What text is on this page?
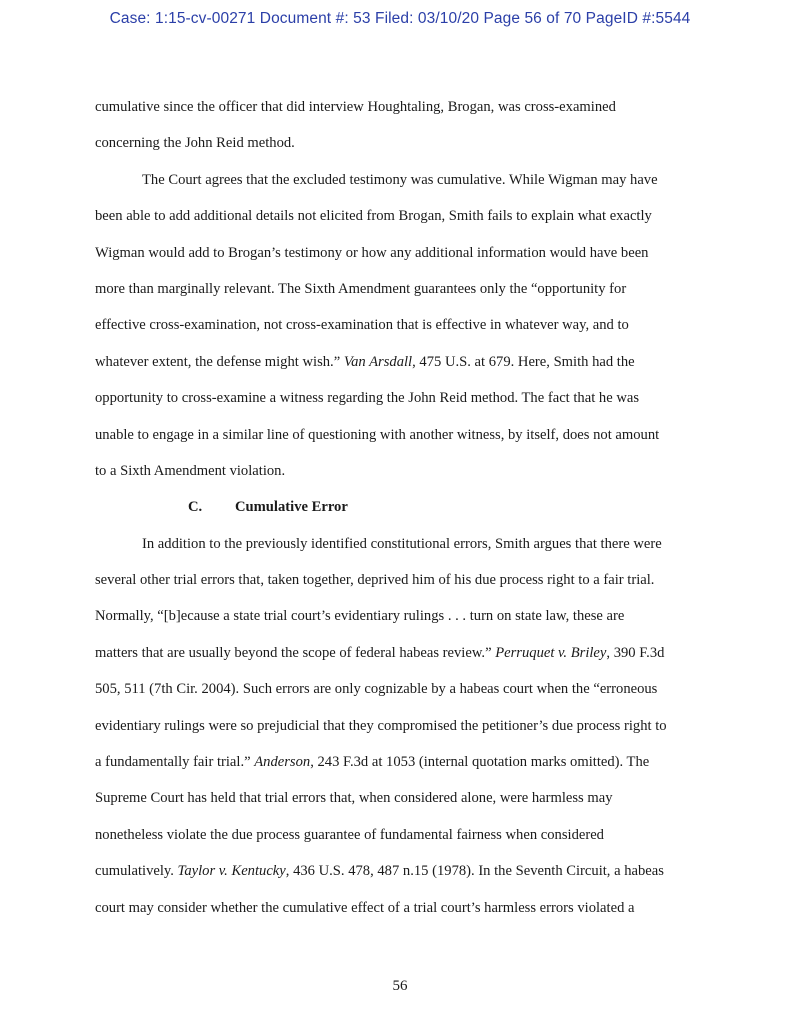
Case: 1:15-cv-00271 Document #: 53 Filed: 03/10/20 Page 56 of 70 PageID #:5544
cumulative since the officer that did interview Houghtaling, Brogan, was cross-examined
concerning the John Reid method.
The Court agrees that the excluded testimony was cumulative. While Wigman may have
been able to add additional details not elicited from Brogan, Smith fails to explain what exactly
Wigman would add to Brogan’s testimony or how any additional information would have been
more than marginally relevant. The Sixth Amendment guarantees only the “opportunity for
effective cross-examination, not cross-examination that is effective in whatever way, and to
whatever extent, the defense might wish.” Van Arsdall, 475 U.S. at 679. Here, Smith had the
opportunity to cross-examine a witness regarding the John Reid method. The fact that he was
unable to engage in a similar line of questioning with another witness, by itself, does not amount
to a Sixth Amendment violation.
C. Cumulative Error
In addition to the previously identified constitutional errors, Smith argues that there were
several other trial errors that, taken together, deprived him of his due process right to a fair trial.
Normally, “[b]ecause a state trial court’s evidentiary rulings . . . turn on state law, these are
matters that are usually beyond the scope of federal habeas review.” Perruquet v. Briley, 390 F.3d
505, 511 (7th Cir. 2004). Such errors are only cognizable by a habeas court when the “erroneous
evidentiary rulings were so prejudicial that they compromised the petitioner’s due process right to
a fundamentally fair trial.” Anderson, 243 F.3d at 1053 (internal quotation marks omitted). The
Supreme Court has held that trial errors that, when considered alone, were harmless may
nonetheless violate the due process guarantee of fundamental fairness when considered
cumulatively. Taylor v. Kentucky, 436 U.S. 478, 487 n.15 (1978). In the Seventh Circuit, a habeas
court may consider whether the cumulative effect of a trial court’s harmless errors violated a
56
